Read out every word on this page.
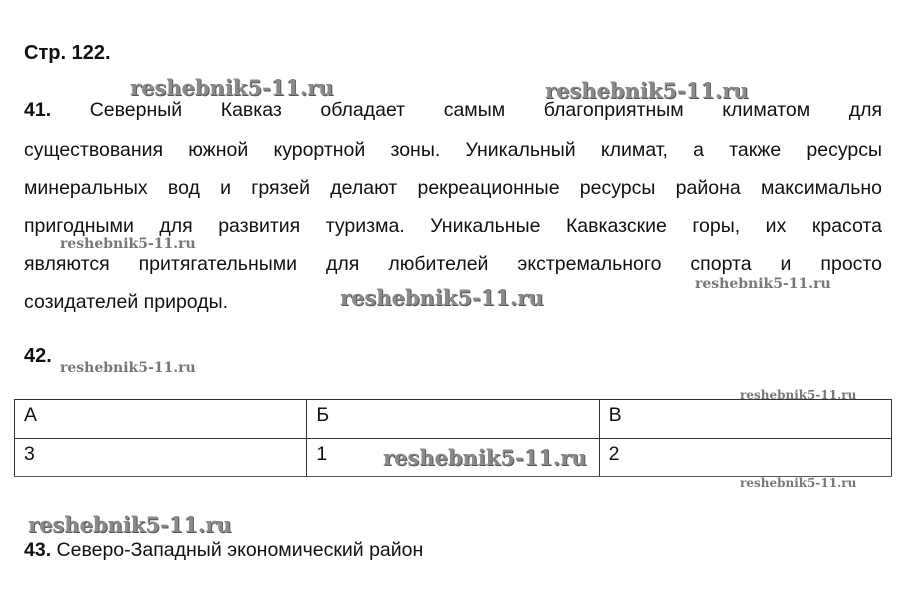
Стр. 122.
41. Северный Кавказ обладает самым благоприятным климатом для
существования южной курортной зоны. Уникальный климат, а также ресурсы
минеральных вод и грязей делают рекреационные ресурсы района максимально
пригодными для развития туризма. Уникальные Кавказские горы, их красота
являются притягательными для любителей экстремального спорта и просто
созидателей природы.
42.
А	Б	В
3	1	2
43. Северо-Западный экономический район
reshebnik5-11.ru	reshebnik5-11.ru
reshebnik5-11.ru
reshebnik5-11.ru
reshebnik5-11.ru
reshebnik5-11.ru
reshebnik5-11.ru
reshebnik5-11.ru
reshebnik5-11.ru
reshebnik5-11.ru
